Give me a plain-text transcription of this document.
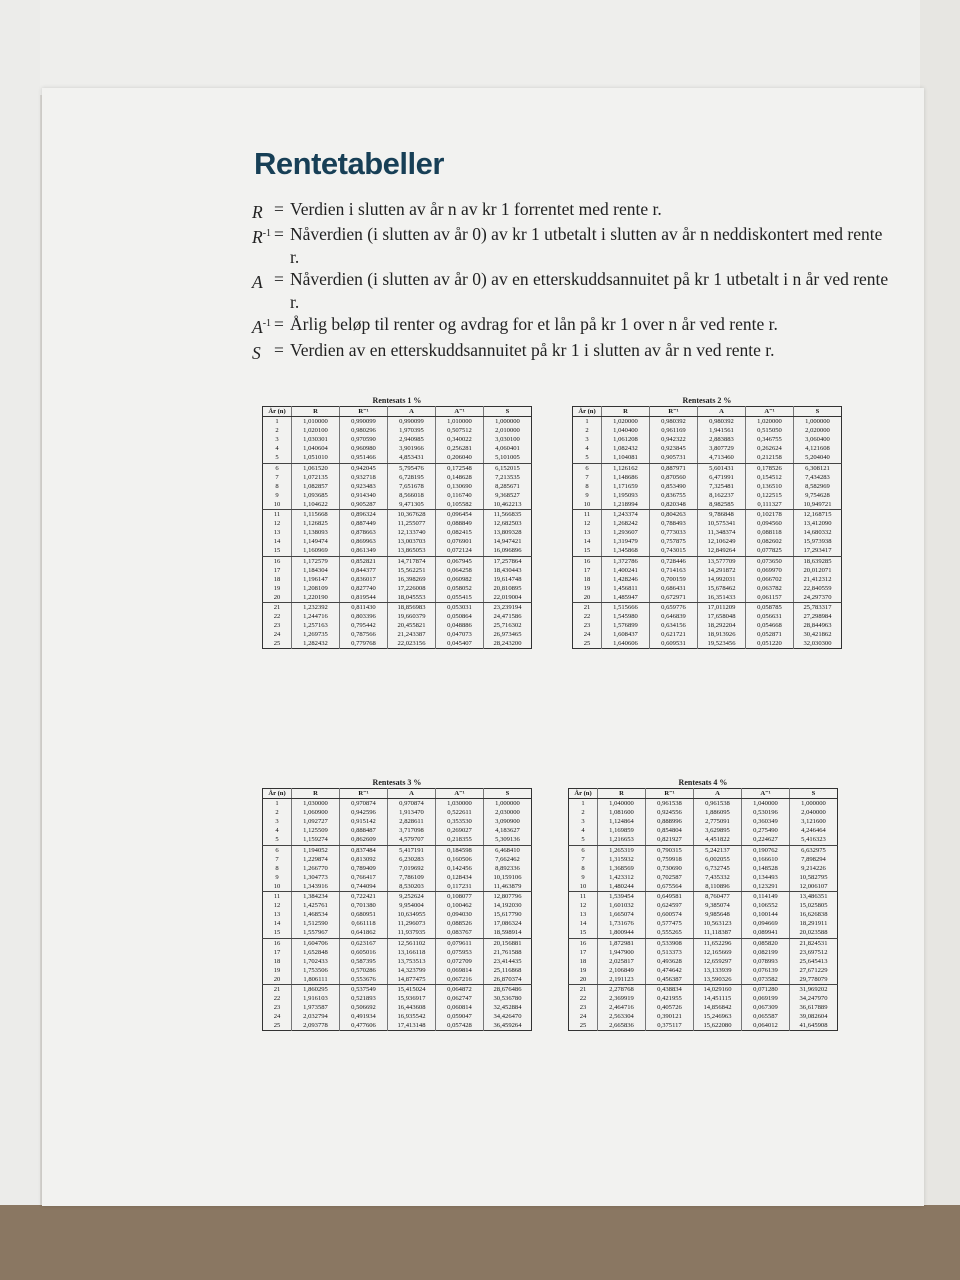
Rentetabeller
R = Verdien i slutten av år n av kr 1 forrentet med rente r.
$R^{-1}$ = Nåverdien (i slutten av år 0) av kr 1 utbetalt i slutten av år n neddiskontert med rente r.
A = Nåverdien (i slutten av år 0) av en etterskuddsannuitet på kr 1 utbetalt i n år ved rente r.
$A^{-1}$ = Årlig beløp til renter og avdrag for et lån på kr 1 over n år ved rente r.
S = Verdien av en etterskuddsannuitet på kr 1 i slutten av år n ved rente r.
Rentesats 1 %
År (n)	R	R⁻¹	A	A⁻¹	S
1	1,010000	0,990099	0,990099	1,010000	1,000000
2	1,020100	0,980296	1,970395	0,507512	2,010000
3	1,030301	0,970590	2,940985	0,340022	3,030100
4	1,040604	0,960980	3,901966	0,256281	4,060401
5	1,051010	0,951466	4,853431	0,206040	5,101005
6	1,061520	0,942045	5,795476	0,172548	6,152015
7	1,072135	0,932718	6,728195	0,148628	7,213535
8	1,082857	0,923483	7,651678	0,130690	8,285671
9	1,093685	0,914340	8,566018	0,116740	9,368527
10	1,104622	0,905287	9,471305	0,105582	10,462213
11	1,115668	0,896324	10,367628	0,096454	11,566835
12	1,126825	0,887449	11,255077	0,088849	12,682503
13	1,138093	0,878663	12,133740	0,082415	13,809328
14	1,149474	0,869963	13,003703	0,076901	14,947421
15	1,160969	0,861349	13,865053	0,072124	16,096896
16	1,172579	0,852821	14,717874	0,067945	17,257864
17	1,184304	0,844377	15,562251	0,064258	18,430443
18	1,196147	0,836017	16,398269	0,060982	19,614748
19	1,208109	0,827740	17,226008	0,058052	20,810895
20	1,220190	0,819544	18,045553	0,055415	22,019004
21	1,232392	0,811430	18,856983	0,053031	23,239194
22	1,244716	0,803396	19,660379	0,050864	24,471586
23	1,257163	0,795442	20,455821	0,048886	25,716302
24	1,269735	0,787566	21,243387	0,047073	26,973465
25	1,282432	0,779768	22,023156	0,045407	28,243200
Rentesats 2 %
År (n)	R	R⁻¹	A	A⁻¹	S
1	1,020000	0,980392	0,980392	1,020000	1,000000
2	1,040400	0,961169	1,941561	0,515050	2,020000
3	1,061208	0,942322	2,883883	0,346755	3,060400
4	1,082432	0,923845	3,807729	0,262624	4,121608
5	1,104081	0,905731	4,713460	0,212158	5,204040
6	1,126162	0,887971	5,601431	0,178526	6,308121
7	1,148686	0,870560	6,471991	0,154512	7,434283
8	1,171659	0,853490	7,325481	0,136510	8,582969
9	1,195093	0,836755	8,162237	0,122515	9,754628
10	1,218994	0,820348	8,982585	0,111327	10,949721
11	1,243374	0,804263	9,786848	0,102178	12,168715
12	1,268242	0,788493	10,575341	0,094560	13,412090
13	1,293607	0,773033	11,348374	0,088118	14,680332
14	1,319479	0,757875	12,106249	0,082602	15,973938
15	1,345868	0,743015	12,849264	0,077825	17,293417
16	1,372786	0,728446	13,577709	0,073650	18,639285
17	1,400241	0,714163	14,291872	0,069970	20,012071
18	1,428246	0,700159	14,992031	0,066702	21,412312
19	1,456811	0,686431	15,678462	0,063782	22,840559
20	1,485947	0,672971	16,351433	0,061157	24,297370
21	1,515666	0,659776	17,011209	0,058785	25,783317
22	1,545980	0,646839	17,658048	0,056631	27,298984
23	1,576899	0,634156	18,292204	0,054668	28,844963
24	1,608437	0,621721	18,913926	0,052871	30,421862
25	1,640606	0,609531	19,523456	0,051220	32,030300
Rentesats 3 %
År (n)	R	R⁻¹	A	A⁻¹	S
1	1,030000	0,970874	0,970874	1,030000	1,000000
2	1,060900	0,942596	1,913470	0,522611	2,030000
3	1,092727	0,915142	2,828611	0,353530	3,090900
4	1,125509	0,888487	3,717098	0,269027	4,183627
5	1,159274	0,862609	4,579707	0,218355	5,309136
6	1,194052	0,837484	5,417191	0,184598	6,468410
7	1,229874	0,813092	6,230283	0,160506	7,662462
8	1,266770	0,789409	7,019692	0,142456	8,892336
9	1,304773	0,766417	7,786109	0,128434	10,159106
10	1,343916	0,744094	8,530203	0,117231	11,463879
11	1,384234	0,722421	9,252624	0,108077	12,807796
12	1,425761	0,701380	9,954004	0,100462	14,192030
13	1,468534	0,680951	10,634955	0,094030	15,617790
14	1,512590	0,661118	11,296073	0,088526	17,086324
15	1,557967	0,641862	11,937935	0,083767	18,598914
16	1,604706	0,623167	12,561102	0,079611	20,156881
17	1,652848	0,605016	13,166118	0,075953	21,761588
18	1,702433	0,587395	13,753513	0,072709	23,414435
19	1,753506	0,570286	14,323799	0,069814	25,116868
20	1,806111	0,553676	14,877475	0,067216	26,870374
21	1,860295	0,537549	15,415024	0,064872	28,676486
22	1,916103	0,521893	15,936917	0,062747	30,536780
23	1,973587	0,506692	16,443608	0,060814	32,452884
24	2,032794	0,491934	16,935542	0,059047	34,426470
25	2,093778	0,477606	17,413148	0,057428	36,459264
Rentesats 4 %
År (n)	R	R⁻¹	A	A⁻¹	S
1	1,040000	0,961538	0,961538	1,040000	1,000000
2	1,081600	0,924556	1,886095	0,530196	2,040000
3	1,124864	0,888996	2,775091	0,360349	3,121600
4	1,169859	0,854804	3,629895	0,275490	4,246464
5	1,216653	0,821927	4,451822	0,224627	5,416323
6	1,265319	0,790315	5,242137	0,190762	6,632975
7	1,315932	0,759918	6,002055	0,166610	7,898294
8	1,368569	0,730690	6,732745	0,148528	9,214226
9	1,423312	0,702587	7,435332	0,134493	10,582795
10	1,480244	0,675564	8,110896	0,123291	12,006107
11	1,539454	0,649581	8,760477	0,114149	13,486351
12	1,601032	0,624597	9,385074	0,106552	15,025805
13	1,665074	0,600574	9,985648	0,100144	16,626838
14	1,731676	0,577475	10,563123	0,094669	18,291911
15	1,800944	0,555265	11,118387	0,089941	20,023588
16	1,872981	0,533908	11,652296	0,085820	21,824531
17	1,947900	0,513373	12,165669	0,082199	23,697512
18	2,025817	0,493628	12,659297	0,078993	25,645413
19	2,106849	0,474642	13,133939	0,076139	27,671229
20	2,191123	0,456387	13,590326	0,073582	29,778079
21	2,278768	0,438834	14,029160	0,071280	31,969202
22	2,369919	0,421955	14,451115	0,069199	34,247970
23	2,464716	0,405726	14,856842	0,067309	36,617889
24	2,563304	0,390121	15,246963	0,065587	39,082604
25	2,665836	0,375117	15,622080	0,064012	41,645908
